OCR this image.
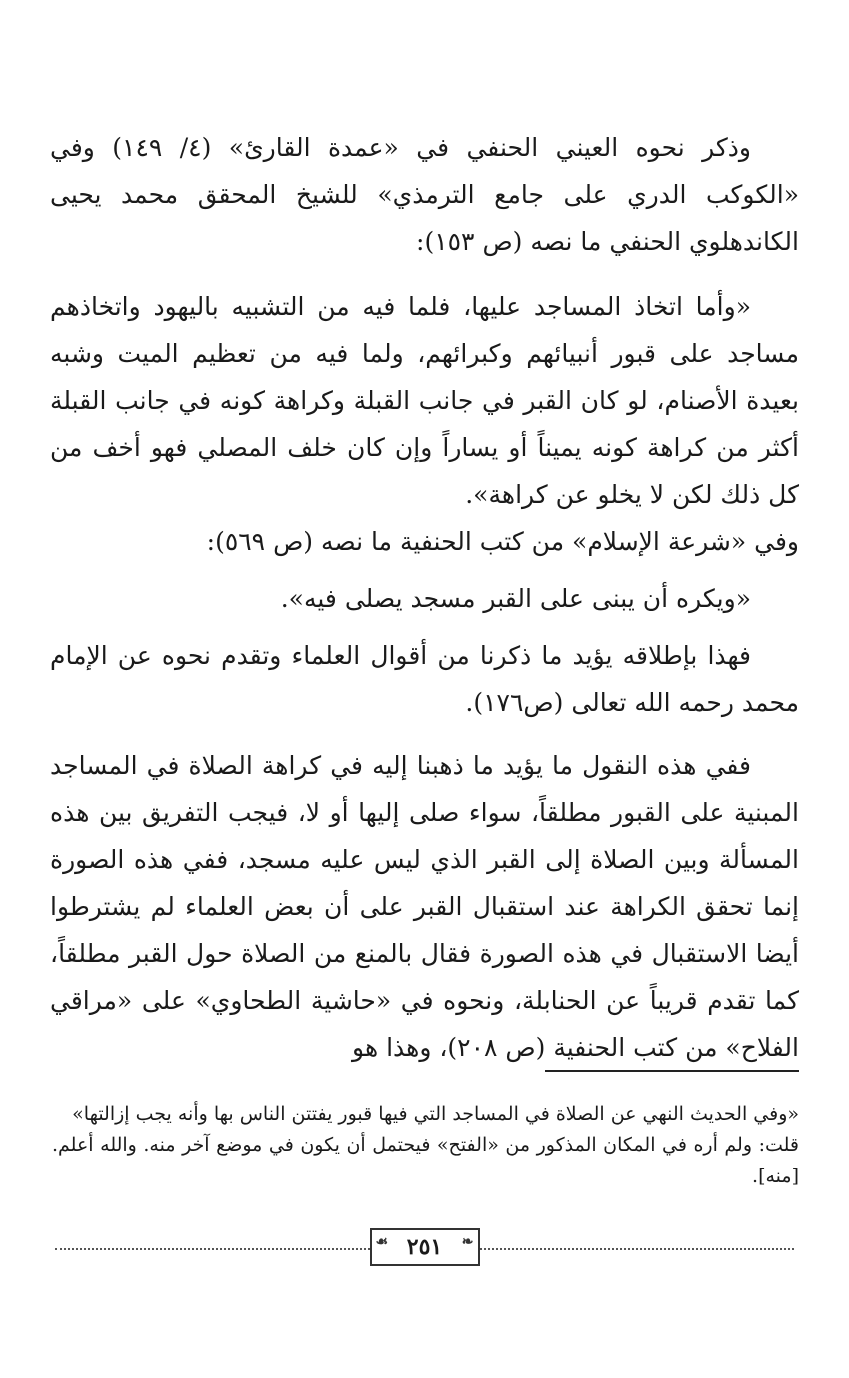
وذكر نحوه العيني الحنفي في «عمدة القارئ» (٤/ ١٤٩) وفي «الكوكب الدري على جامع الترمذي» للشيخ المحقق محمد يحيى الكاندهلوي الحنفي ما نصه (ص ١٥٣):

«وأما اتخاذ المساجد عليها، فلما فيه من التشبيه باليهود واتخاذهم مساجد على قبور أنبيائهم وكبرائهم، ولما فيه من تعظيم الميت وشبه بعيدة الأصنام، لو كان القبر في جانب القبلة وكراهة كونه في جانب القبلة أكثر من كراهة كونه يميناً أو يساراً وإن كان خلف المصلي فهو أخف من كل ذلك لكن لا يخلو عن كراهة».

وفي «شرعة الإسلام» من كتب الحنفية ما نصه (ص ٥٦٩):

«ويكره أن يبنى على القبر مسجد يصلى فيه».

فهذا بإطلاقه يؤيد ما ذكرنا من أقوال العلماء وتقدم نحوه عن الإمام محمد رحمه الله تعالى (ص١٧٦).

ففي هذه النقول ما يؤيد ما ذهبنا إليه في كراهة الصلاة في المساجد المبنية على القبور مطلقاً، سواء صلى إليها أو لا، فيجب التفريق بين هذه المسألة وبين الصلاة إلى القبر الذي ليس عليه مسجد، ففي هذه الصورة إنما تحقق الكراهة عند استقبال القبر على أن بعض العلماء لم يشترطوا أيضا الاستقبال في هذه الصورة فقال بالمنع من الصلاة حول القبر مطلقاً، كما تقدم قريباً عن الحنابلة، ونحوه في «حاشية الطحاوي» على «مراقي الفلاح» من كتب الحنفية (ص ٢٠٨)، وهذا هو

«وفي الحديث النهي عن الصلاة في المساجد التي فيها قبور يفتتن الناس بها وأنه يجب إزالتها»

قلت: ولم أره في المكان المذكور من «الفتح» فيحتمل أن يكون في موضع آخر منه. والله أعلم. [منه].

❧
٢٥١
☙
